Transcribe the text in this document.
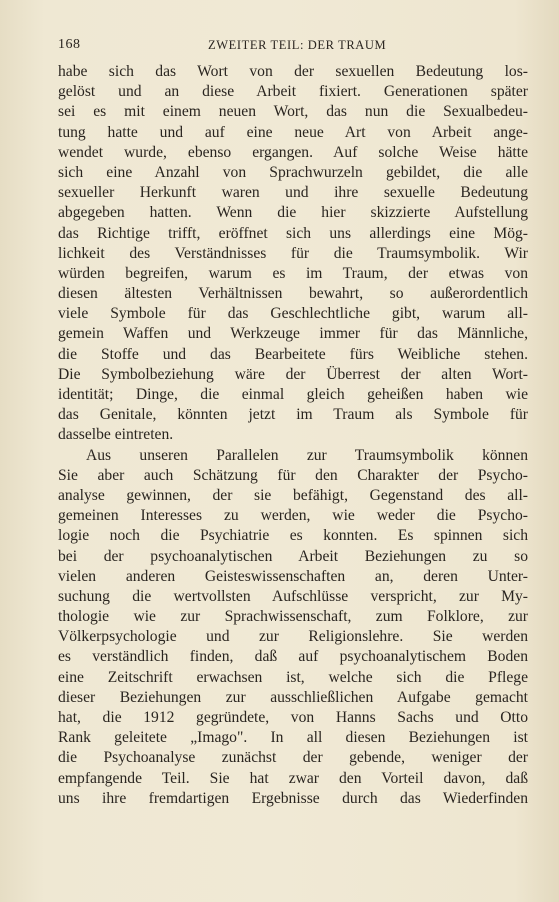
168	ZWEITER TEIL: DER TRAUM
habe sich das Wort von der sexuellen Bedeutung los-
gelöst und an diese Arbeit fixiert. Generationen später
sei es mit einem neuen Wort, das nun die Sexualbedeu-
tung hatte und auf eine neue Art von Arbeit ange-
wendet wurde, ebenso ergangen. Auf solche Weise hätte
sich eine Anzahl von Sprachwurzeln gebildet, die alle
sexueller Herkunft waren und ihre sexuelle Bedeutung
abgegeben hatten. Wenn die hier skizzierte Aufstellung
das Richtige trifft, eröffnet sich uns allerdings eine Mög-
lichkeit des Verständnisses für die Traumsymbolik. Wir
würden begreifen, warum es im Traum, der etwas von
diesen ältesten Verhältnissen bewahrt, so außerordentlich
viele Symbole für das Geschlechtliche gibt, warum all-
gemein Waffen und Werkzeuge immer für das Männliche,
die Stoffe und das Bearbeitete fürs Weibliche stehen.
Die Symbolbeziehung wäre der Überrest der alten Wort-
identität; Dinge, die einmal gleich geheißen haben wie
das Genitale, könnten jetzt im Traum als Symbole für
dasselbe eintreten.
Aus unseren Parallelen zur Traumsymbolik können
Sie aber auch Schätzung für den Charakter der Psycho-
analyse gewinnen, der sie befähigt, Gegenstand des all-
gemeinen Interesses zu werden, wie weder die Psycho-
logie noch die Psychiatrie es konnten. Es spinnen sich
bei der psychoanalytischen Arbeit Beziehungen zu so
vielen anderen Geisteswissenschaften an, deren Unter-
suchung die wertvollsten Aufschlüsse verspricht, zur My-
thologie wie zur Sprachwissenschaft, zum Folklore, zur
Völkerpsychologie und zur Religionslehre. Sie werden
es verständlich finden, daß auf psychoanalytischem Boden
eine Zeitschrift erwachsen ist, welche sich die Pflege
dieser Beziehungen zur ausschließlichen Aufgabe gemacht
hat, die 1912 gegründete, von Hanns Sachs und Otto
Rank geleitete „Imago". In all diesen Beziehungen ist
die Psychoanalyse zunächst der gebende, weniger der
empfangende Teil. Sie hat zwar den Vorteil davon, daß
uns ihre fremdartigen Ergebnisse durch das Wiederfinden
